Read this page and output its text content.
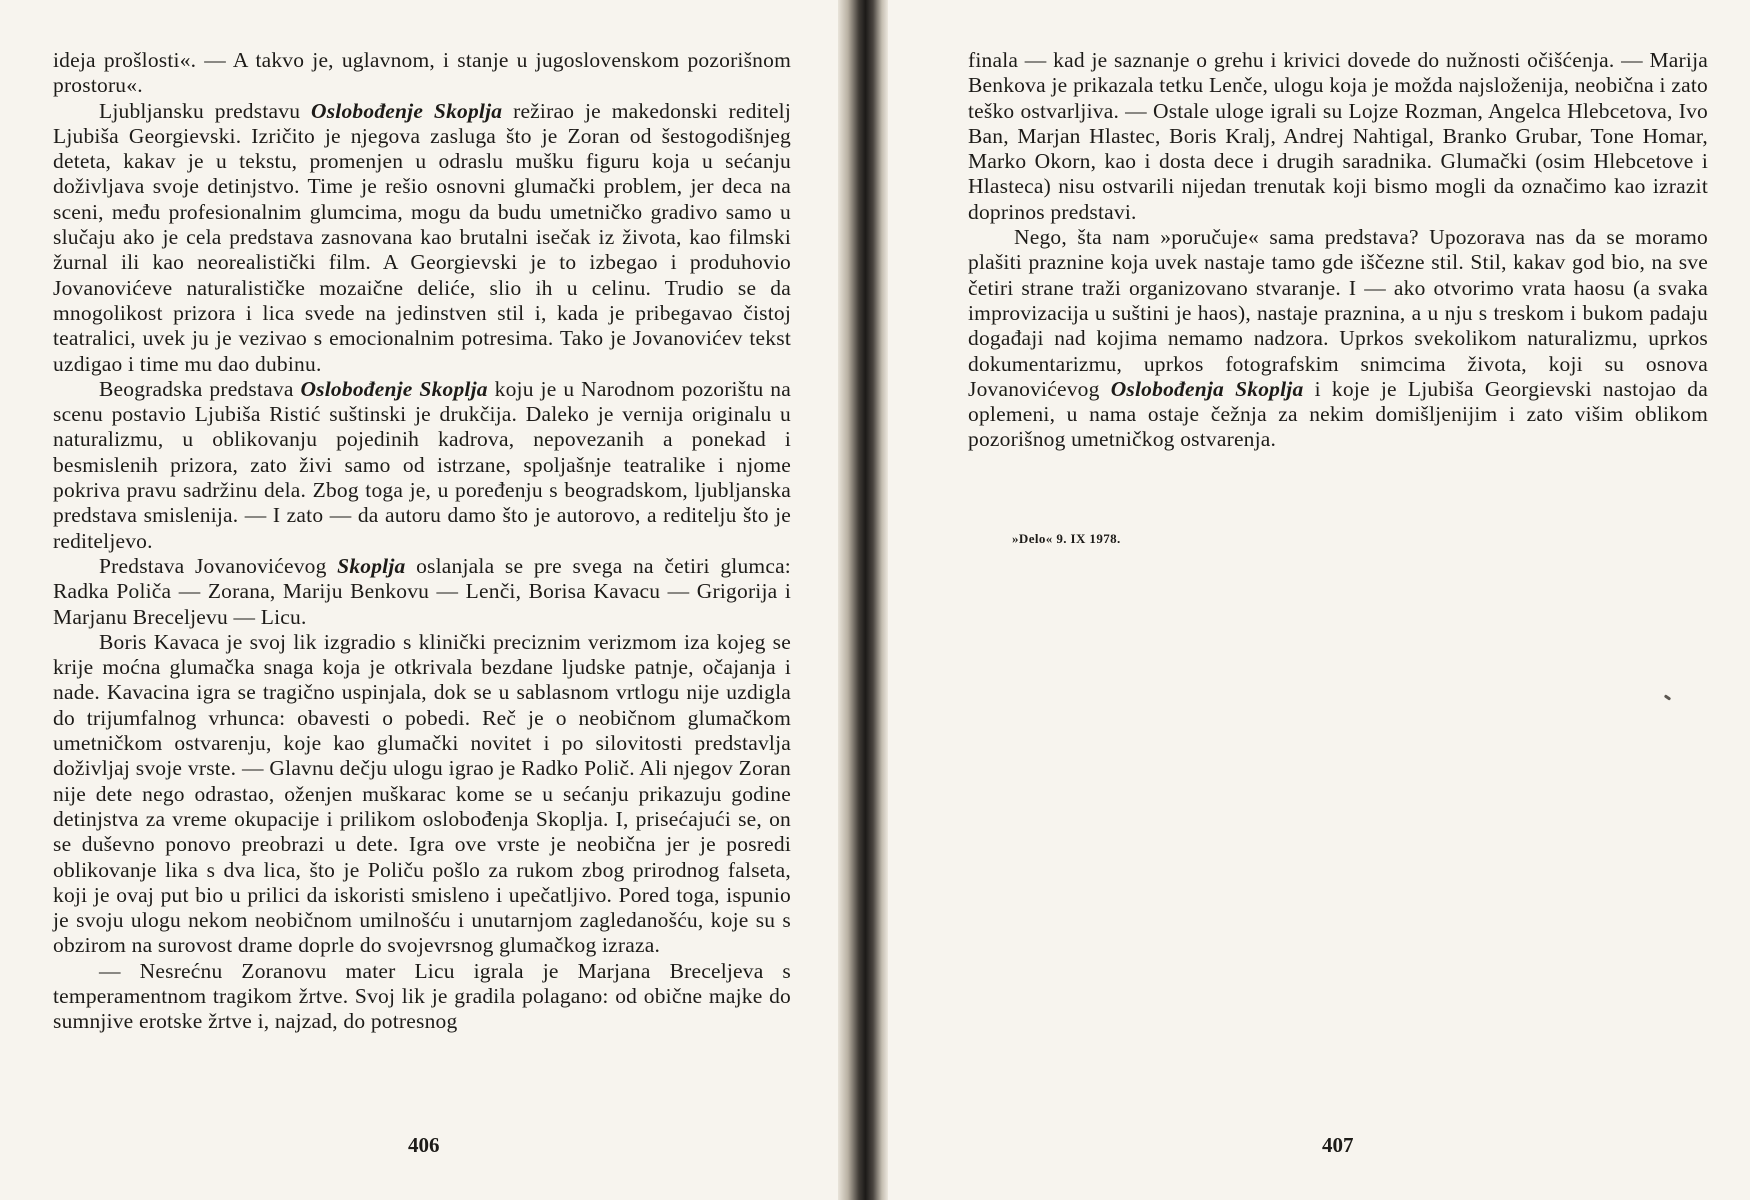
ideja prošlosti«. — A takvo je, uglavnom, i stanje u jugoslovenskom pozorišnom prostoru«.

Ljubljansku predstavu Oslobođenje Skoplja režirao je makedonski reditelj Ljubiša Georgievski. Izričito je njegova zasluga što je Zoran od šestogodišnjeg deteta, kakav je u tekstu, promenjen u odraslu mušku figuru koja u sećanju doživljava svoje detinjstvo. Time je rešio osnovni glumački problem, jer deca na sceni, među profesionalnim glumcima, mogu da budu umetničko gradivo samo u slučaju ako je cela predstava zasnovana kao brutalni isečak iz života, kao filmski žurnal ili kao neorealistički film. A Georgievski je to izbegao i produhovio Jovanovićeve naturalističke mozaične deliće, slio ih u celinu. Trudio se da mnogolikost prizora i lica svede na jedinstven stil i, kada je pribegavao čistoj teatralici, uvek ju je vezivao s emocionalnim potresima. Tako je Jovanovićev tekst uzdigao i time mu dao dubinu.

Beogradska predstava Oslobođenje Skoplja koju je u Narodnom pozorištu na scenu postavio Ljubiša Ristić suštinski je drukčija. Daleko je vernija originalu u naturalizmu, u oblikovanju pojedinih kadrova, nepovezanih a ponekad i besmislenih prizora, zato živi samo od istrzane, spoljašnje teatralike i njome pokriva pravu sadržinu dela. Zbog toga je, u poređenju s beogradskom, ljubljanska predstava smislenija. — I zato — da autoru damo što je autorovo, a reditelju što je rediteljevo.

Predstava Jovanovićevog Skoplja oslanjala se pre svega na četiri glumca: Radka Poliča — Zorana, Mariju Benkovu — Lenči, Borisa Kavacu — Grigorija i Marjanu Breceljevu — Licu.

Boris Kavaca je svoj lik izgradio s klinički preciznim verizmom iza kojeg se krije moćna glumačka snaga koja je otkrivala bezdane ljudske patnje, očajanja i nade. Kavacina igra se tragično uspinjala, dok se u sablasnom vrtlogu nije uzdigla do trijumfalnog vrhunca: obavesti o pobedi. Reč je o neobičnom glumačkom umetničkom ostvarenju, koje kao glumački novitet i po silovitosti predstavlja doživljaj svoje vrste. — Glavnu dečju ulogu igrao je Radko Polič. Ali njegov Zoran nije dete nego odrastao, oženjen muškarac kome se u sećanju prikazuju godine detinjstva za vreme okupacije i prilikom oslobođenja Skoplja. I, prisećajući se, on se duševno ponovo preobrazi u dete. Igra ove vrste je neobična jer je posredi oblikovanje lika s dva lica, što je Poliču pošlo za rukom zbog prirodnog falseta, koji je ovaj put bio u prilici da iskoristi smisleno i upečatljivo. Pored toga, ispunio je svoju ulogu nekom neobičnom umilnošću i unutarnjom zagledanošću, koje su s obzirom na surovost drame doprle do svojevrsnog glumačkog izraza.

— Nesrećnu Zoranovu mater Licu igrala je Marjana Breceljeva s temperamentnom tragikom žrtve. Svoj lik je gradila polagano: od obične majke do sumnjive erotske žrtve i, najzad, do potresnog

406

finala — kad je saznanje o grehu i krivici dovede do nužnosti očišćenja. — Marija Benkova je prikazala tetku Lenče, ulogu koja je možda najsloženija, neobična i zato teško ostvarljiva. — Ostale uloge igrali su Lojze Rozman, Angelca Hlebcetova, Ivo Ban, Marjan Hlastec, Boris Kralj, Andrej Nahtigal, Branko Grubar, Tone Homar, Marko Okorn, kao i dosta dece i drugih saradnika. Glumački (osim Hlebcetove i Hlasteca) nisu ostvarili nijedan trenutak koji bismo mogli da označimo kao izrazit doprinos predstavi.

Nego, šta nam »poručuje« sama predstava? Upozorava nas da se moramo plašiti praznine koja uvek nastaje tamo gde iščezne stil. Stil, kakav god bio, na sve četiri strane traži organizovano stvaranje. I — ako otvorimo vrata haosu (a svaka improvizacija u suštini je haos), nastaje praznina, a u nju s treskom i bukom padaju događaji nad kojima nemamo nadzora. Uprkos svekolikom naturalizmu, uprkos dokumentarizmu, uprkos fotografskim snimcima života, koji su osnova Jovanovićevog Oslobođenja Skoplja i koje je Ljubiša Georgievski nastojao da oplemeni, u nama ostaje čežnja za nekim domišljenijim i zato višim oblikom pozorišnog umetničkog ostvarenja.

»Delo« 9. IX 1978.
407
